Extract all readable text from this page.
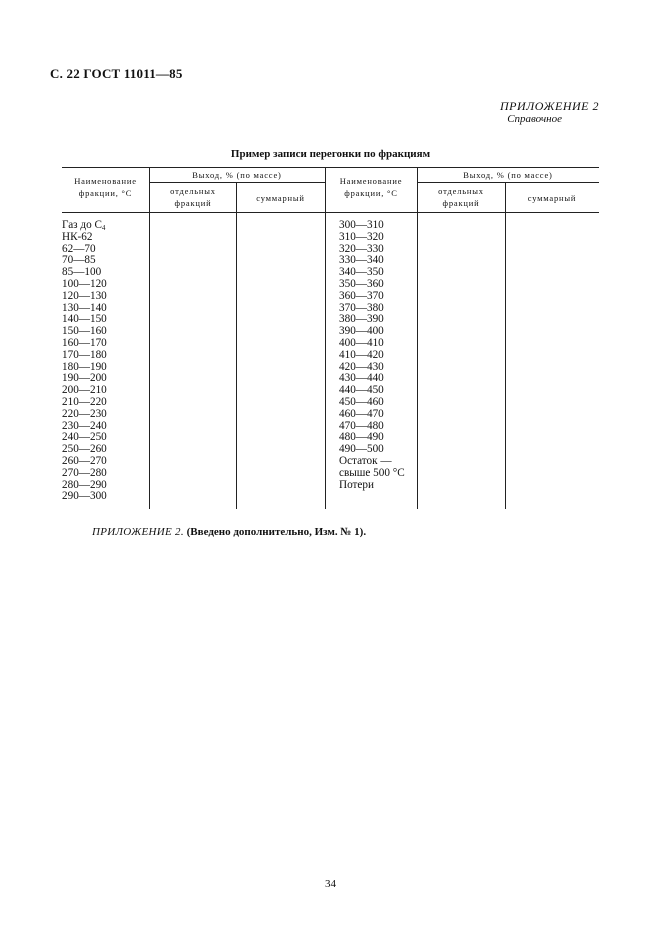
С. 22 ГОСТ 11011—85
ПРИЛОЖЕНИЕ 2
Справочное
Пример записи перегонки по фракциям
Наименование фракции, °С
Выход, % (по массе)
отдельных фракций	суммарный
Наименование фракции, °С
Выход, % (по массе)
отдельных фракций	суммарный
Газ до $C_4$
НК-62
62—70
70—85
85—100
100—120
120—130
130—140
140—150
150—160
160—170
170—180
180—190
190—200
200—210
210—220
220—230
230—240
240—250
250—260
260—270
270—280
280—290
290—300
300—310
310—320
320—330
330—340
340—350
350—360
360—370
370—380
380—390
390—400
400—410
410—420
420—430
430—440
440—450
450—460
460—470
470—480
480—490
490—500
Остаток —
свыше 500 °С
Потери
ПРИЛОЖЕНИЕ 2. (Введено дополнительно, Изм. № 1).
34
